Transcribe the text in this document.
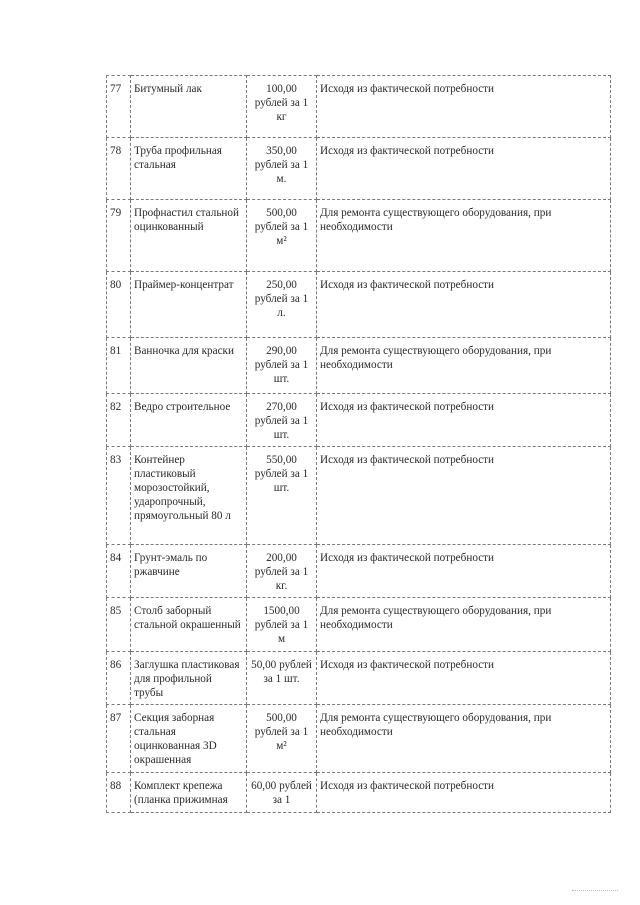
77	Битумный лак	100,00 рублей за 1 кг	Исходя из фактической потребности
78	Труба профильная стальная	350,00 рублей за 1 м.	Исходя из фактической потребности
79	Профнастил стальной оцинкованный	500,00 рублей за 1 м²	Для ремонта существующего оборудования, при необходимости
80	Праймер-концентрат	250,00 рублей за 1 л.	Исходя из фактической потребности
81	Ванночка для краски	290,00 рублей за 1 шт.	Для ремонта существующего оборудования, при необходимости
82	Ведро строительное	270,00 рублей за 1 шт.	Исходя из фактической потребности
83	Контейнер пластиковый морозостойкий, ударопрочный, прямоугольный 80 л	550,00 рублей за 1 шт.	Исходя из фактической потребности
84	Грунт-эмаль по ржавчине	200,00 рублей за 1 кг.	Исходя из фактической потребности
85	Столб заборный стальной окрашенный	1500,00 рублей за 1 м	Для ремонта существующего оборудования, при необходимости
86	Заглушка пластиковая для профильной трубы	50,00 рублей за 1 шт.	Исходя из фактической потребности
87	Секция заборная стальная оцинкованная 3D окрашенная	500,00 рублей за 1 м²	Для ремонта существующего оборудования, при необходимости
88	Комплект крепежа (планка прижимная	60,00 рублей за 1	Исходя из фактической потребности
